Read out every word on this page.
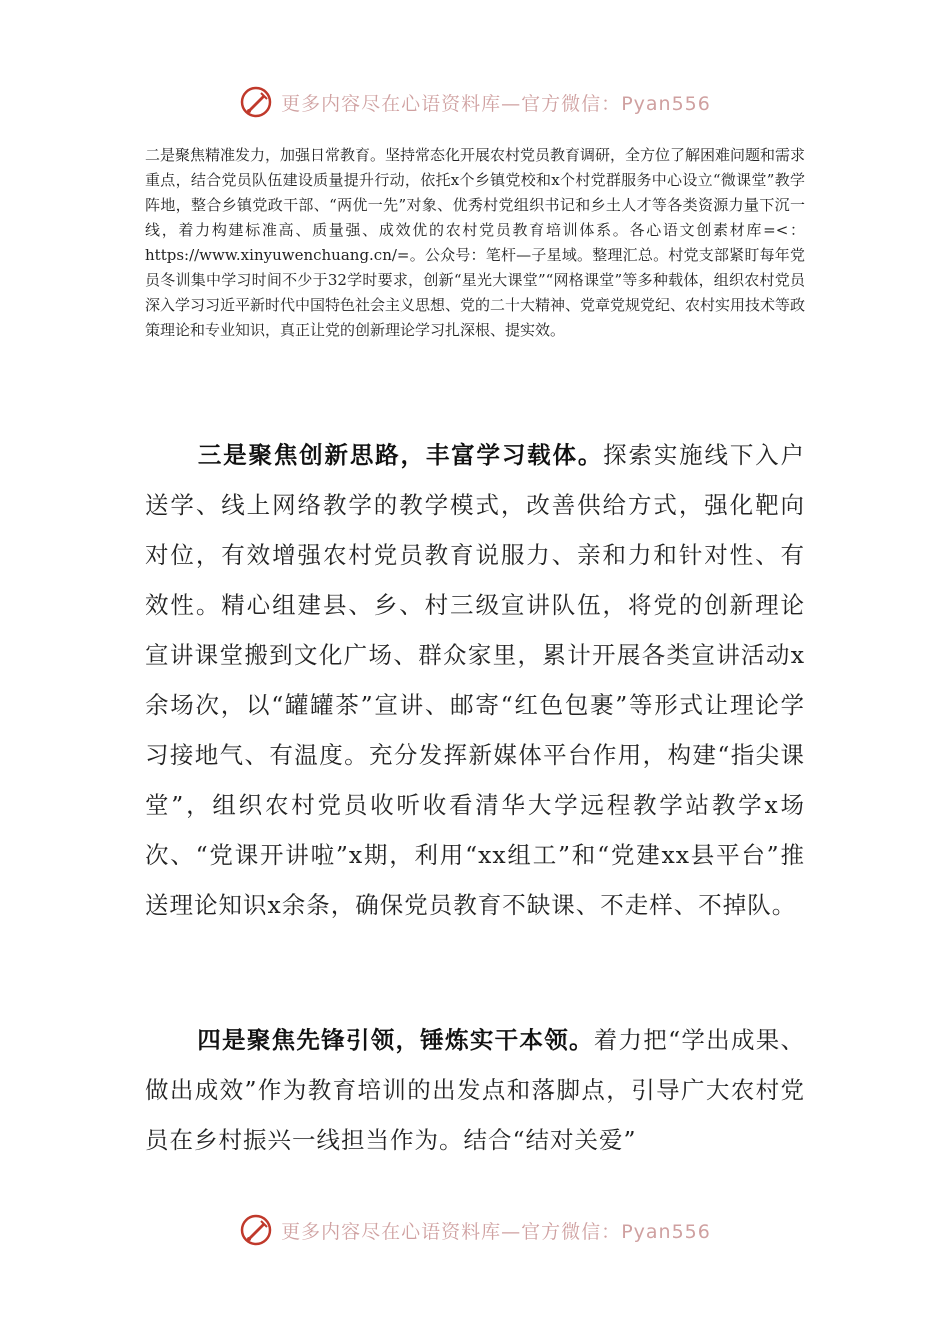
更多内容尽在心语资料库—官方微信：Pyan556

二是聚焦精准发力，加强日常教育。坚持常态化开展农村党员教育调研，全方位了解困难问题和需求重点，结合党员队伍建设质量提升行动，依托x个乡镇党校和x个村党群服务中心设立“微课堂”教学阵地，整合乡镇党政干部、“两优一先”对象、优秀村党组织书记和乡土人才等各类资源力量下沉一线，着力构建标准高、质量强、成效优的农村党员教育培训体系。各心语文创素材库=<：https://www.xinyuwenchuang.cn/=。公众号：笔杆—子星域。整理汇总。村党支部紧盯每年党员冬训集中学习时间不少于32学时要求，创新“星光大课堂”“网格课堂”等多种载体，组织农村党员深入学习习近平新时代中国特色社会主义思想、党的二十大精神、党章党规党纪、农村实用技术等政策理论和专业知识，真正让党的创新理论学习扎深根、提实效。

三是聚焦创新思路，丰富学习载体。探索实施线下入户送学、线上网络教学的教学模式，改善供给方式，强化靶向对位，有效增强农村党员教育说服力、亲和力和针对性、有效性。精心组建县、乡、村三级宣讲队伍，将党的创新理论宣讲课堂搬到文化广场、群众家里，累计开展各类宣讲活动x余场次，以“罐罐茶”宣讲、邮寄“红色包裹”等形式让理论学习接地气、有温度。充分发挥新媒体平台作用，构建“指尖课堂”，组织农村党员收听收看清华大学远程教学站教学x场次、“党课开讲啦”x期，利用“xx组工”和“党建xx县平台”推送理论知识x余条，确保党员教育不缺课、不走样、不掉队。

四是聚焦先锋引领，锤炼实干本领。着力把“学出成果、做出成效”作为教育培训的出发点和落脚点，引导广大农村党员在乡村振兴一线担当作为。结合“结对关爱”

更多内容尽在心语资料库—官方微信：Pyan556
